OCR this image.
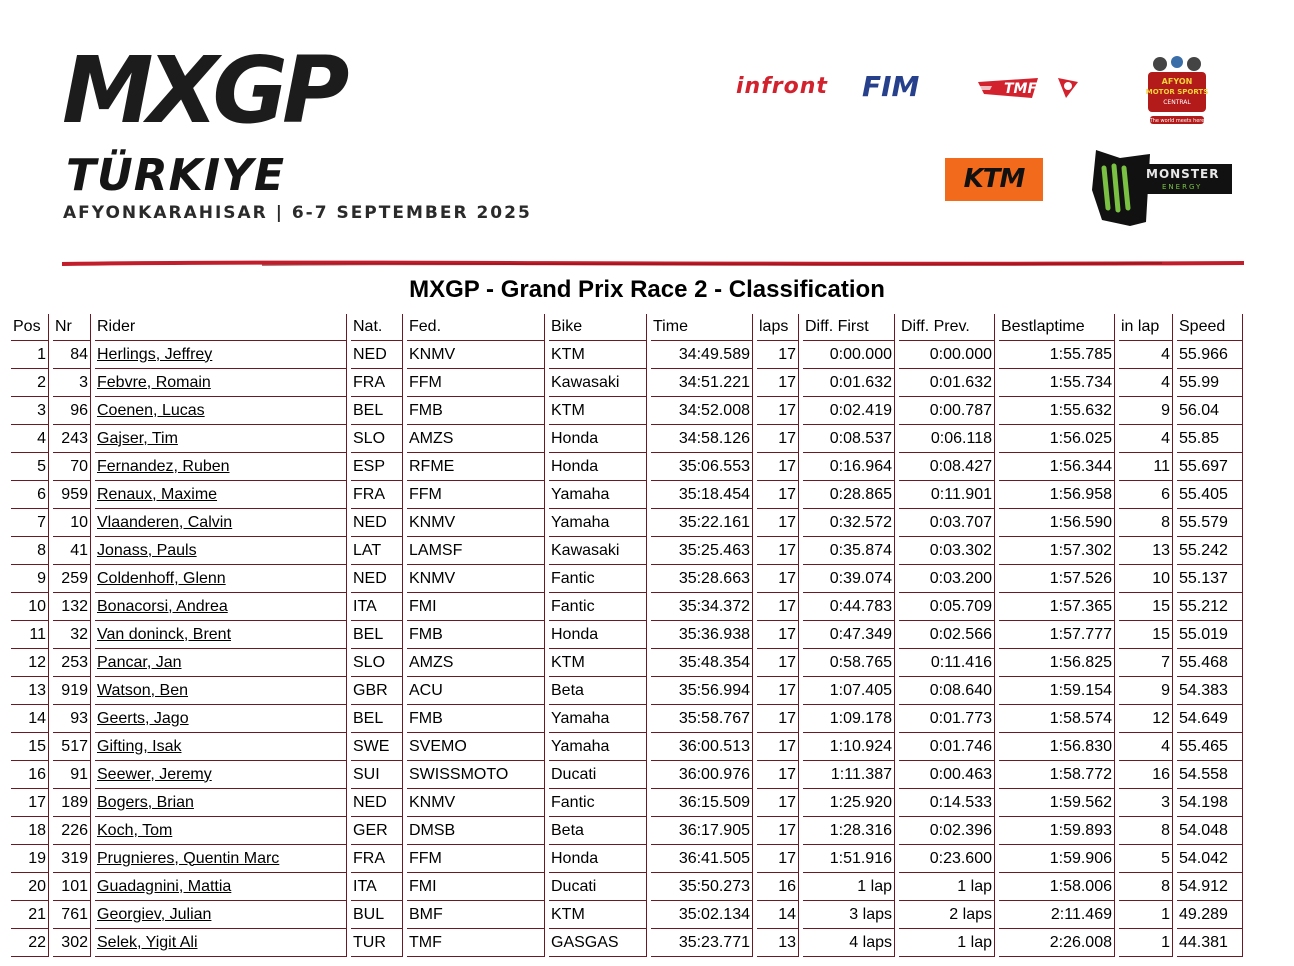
MXGP
TÜRKIYE
AFYONKARAHISAR | 6-7 SEPTEMBER 2025
infront FIM	TMF	AFYON
MOTOR SPORTS
CENTRAL
The world meets here
KTM	MONSTER
ENERGY
MXGP - Grand Prix Race 2 - Classification
Pos	Nr	Rider	Nat.	Fed.	Bike	Time	laps	Diff. First	Diff. Prev.	Bestlaptime	in lap	Speed
1	84	Herlings, Jeffrey	NED	KNMV	KTM	34:49.589	17	0:00.000	0:00.000	1:55.785	4	55.966
2	3	Febvre, Romain	FRA	FFM	Kawasaki	34:51.221	17	0:01.632	0:01.632	1:55.734	4	55.99
3	96	Coenen, Lucas	BEL	FMB	KTM	34:52.008	17	0:02.419	0:00.787	1:55.632	9	56.04
4	243	Gajser, Tim	SLO	AMZS	Honda	34:58.126	17	0:08.537	0:06.118	1:56.025	4	55.85
5	70	Fernandez, Ruben	ESP	RFME	Honda	35:06.553	17	0:16.964	0:08.427	1:56.344	11	55.697
6	959	Renaux, Maxime	FRA	FFM	Yamaha	35:18.454	17	0:28.865	0:11.901	1:56.958	6	55.405
7	10	Vlaanderen, Calvin	NED	KNMV	Yamaha	35:22.161	17	0:32.572	0:03.707	1:56.590	8	55.579
8	41	Jonass, Pauls	LAT	LAMSF	Kawasaki	35:25.463	17	0:35.874	0:03.302	1:57.302	13	55.242
9	259	Coldenhoff, Glenn	NED	KNMV	Fantic	35:28.663	17	0:39.074	0:03.200	1:57.526	10	55.137
10	132	Bonacorsi, Andrea	ITA	FMI	Fantic	35:34.372	17	0:44.783	0:05.709	1:57.365	15	55.212
11	32	Van doninck, Brent	BEL	FMB	Honda	35:36.938	17	0:47.349	0:02.566	1:57.777	15	55.019
12	253	Pancar, Jan	SLO	AMZS	KTM	35:48.354	17	0:58.765	0:11.416	1:56.825	7	55.468
13	919	Watson, Ben	GBR	ACU	Beta	35:56.994	17	1:07.405	0:08.640	1:59.154	9	54.383
14	93	Geerts, Jago	BEL	FMB	Yamaha	35:58.767	17	1:09.178	0:01.773	1:58.574	12	54.649
15	517	Gifting, Isak	SWE	SVEMO	Yamaha	36:00.513	17	1:10.924	0:01.746	1:56.830	4	55.465
16	91	Seewer, Jeremy	SUI	SWISSMOTO	Ducati	36:00.976	17	1:11.387	0:00.463	1:58.772	16	54.558
17	189	Bogers, Brian	NED	KNMV	Fantic	36:15.509	17	1:25.920	0:14.533	1:59.562	3	54.198
18	226	Koch, Tom	GER	DMSB	Beta	36:17.905	17	1:28.316	0:02.396	1:59.893	8	54.048
19	319	Prugnieres, Quentin Marc	FRA	FFM	Honda	36:41.505	17	1:51.916	0:23.600	1:59.906	5	54.042
20	101	Guadagnini, Mattia	ITA	FMI	Ducati	35:50.273	16	1 lap	1 lap	1:58.006	8	54.912
21	761	Georgiev, Julian	BUL	BMF	KTM	35:02.134	14	3 laps	2 laps	2:11.469	1	49.289
22	302	Selek, Yigit Ali	TUR	TMF	GASGAS	35:23.771	13	4 laps	1 lap	2:26.008	1	44.381
